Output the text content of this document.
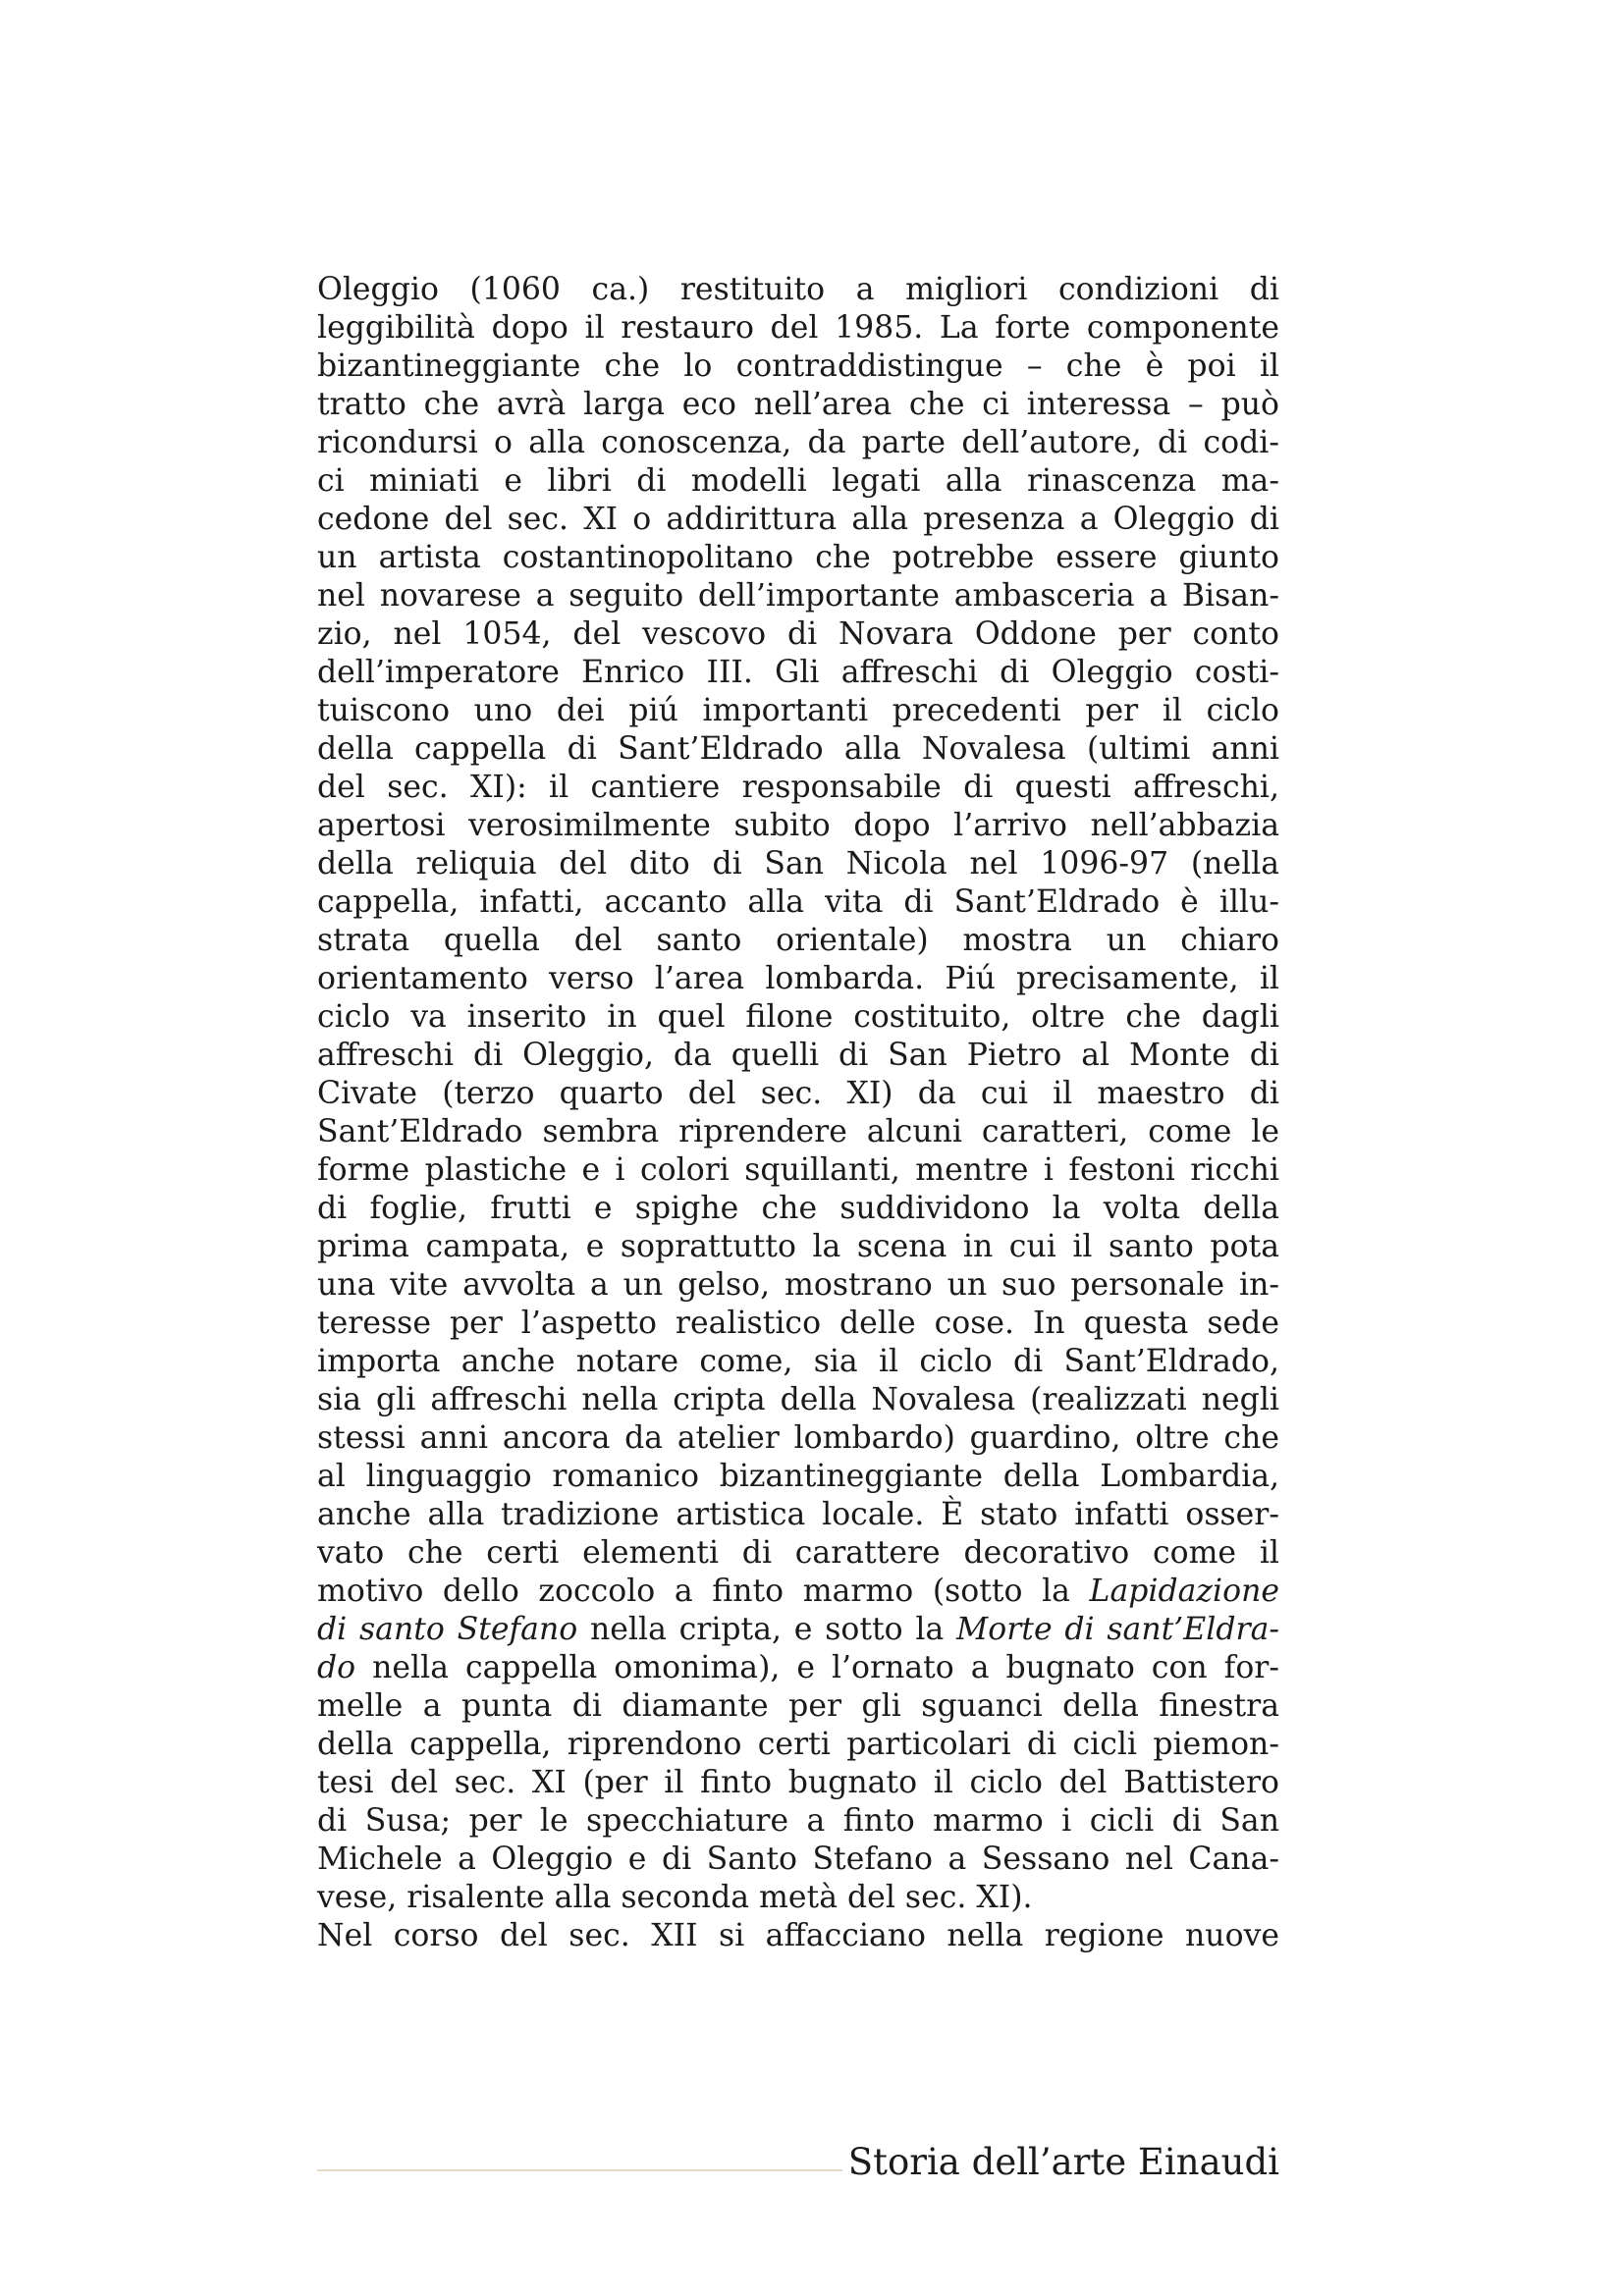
Oleggio (1060 ca.) restituito a migliori condizioni di
leggibilità dopo il restauro del 1985. La forte componente
bizantineggiante che lo contraddistingue – che è poi il
tratto che avrà larga eco nell’area che ci interessa – può
ricondursi o alla conoscenza, da parte dell’autore, di codi-
ci miniati e libri di modelli legati alla rinascenza ma-
cedone del sec. XI o addirittura alla presenza a Oleggio di
un artista costantinopolitano che potrebbe essere giunto
nel novarese a seguito dell’importante ambasceria a Bisan-
zio, nel 1054, del vescovo di Novara Oddone per conto
dell’imperatore Enrico III. Gli affreschi di Oleggio costi-
tuiscono uno dei piú importanti precedenti per il ciclo
della cappella di Sant’Eldrado alla Novalesa (ultimi anni
del sec. XI): il cantiere responsabile di questi affreschi,
apertosi verosimilmente subito dopo l’arrivo nell’abbazia
della reliquia del dito di San Nicola nel 1096-97 (nella
cappella, infatti, accanto alla vita di Sant’Eldrado è illu-
strata quella del santo orientale) mostra un chiaro
orientamento verso l’area lombarda. Piú precisamente, il
ciclo va inserito in quel filone costituito, oltre che dagli
affreschi di Oleggio, da quelli di San Pietro al Monte di
Civate (terzo quarto del sec. XI) da cui il maestro di
Sant’Eldrado sembra riprendere alcuni caratteri, come le
forme plastiche e i colori squillanti, mentre i festoni ricchi
di foglie, frutti e spighe che suddividono la volta della
prima campata, e soprattutto la scena in cui il santo pota
una vite avvolta a un gelso, mostrano un suo personale in-
teresse per l’aspetto realistico delle cose. In questa sede
importa anche notare come, sia il ciclo di Sant’Eldrado,
sia gli affreschi nella cripta della Novalesa (realizzati negli
stessi anni ancora da atelier lombardo) guardino, oltre che
al linguaggio romanico bizantineggiante della Lombardia,
anche alla tradizione artistica locale. È stato infatti osser-
vato che certi elementi di carattere decorativo come il
motivo dello zoccolo a finto marmo (sotto la Lapidazione
di santo Stefano nella cripta, e sotto la Morte di sant’Eldra-
do nella cappella omonima), e l’ornato a bugnato con for-
melle a punta di diamante per gli sguanci della finestra
della cappella, riprendono certi particolari di cicli piemon-
tesi del sec. XI (per il finto bugnato il ciclo del Battistero
di Susa; per le specchiature a finto marmo i cicli di San
Michele a Oleggio e di Santo Stefano a Sessano nel Cana-
vese, risalente alla seconda metà del sec. XI).
Nel corso del sec. XII si affacciano nella regione nuove
Storia dell’arte Einaudi
